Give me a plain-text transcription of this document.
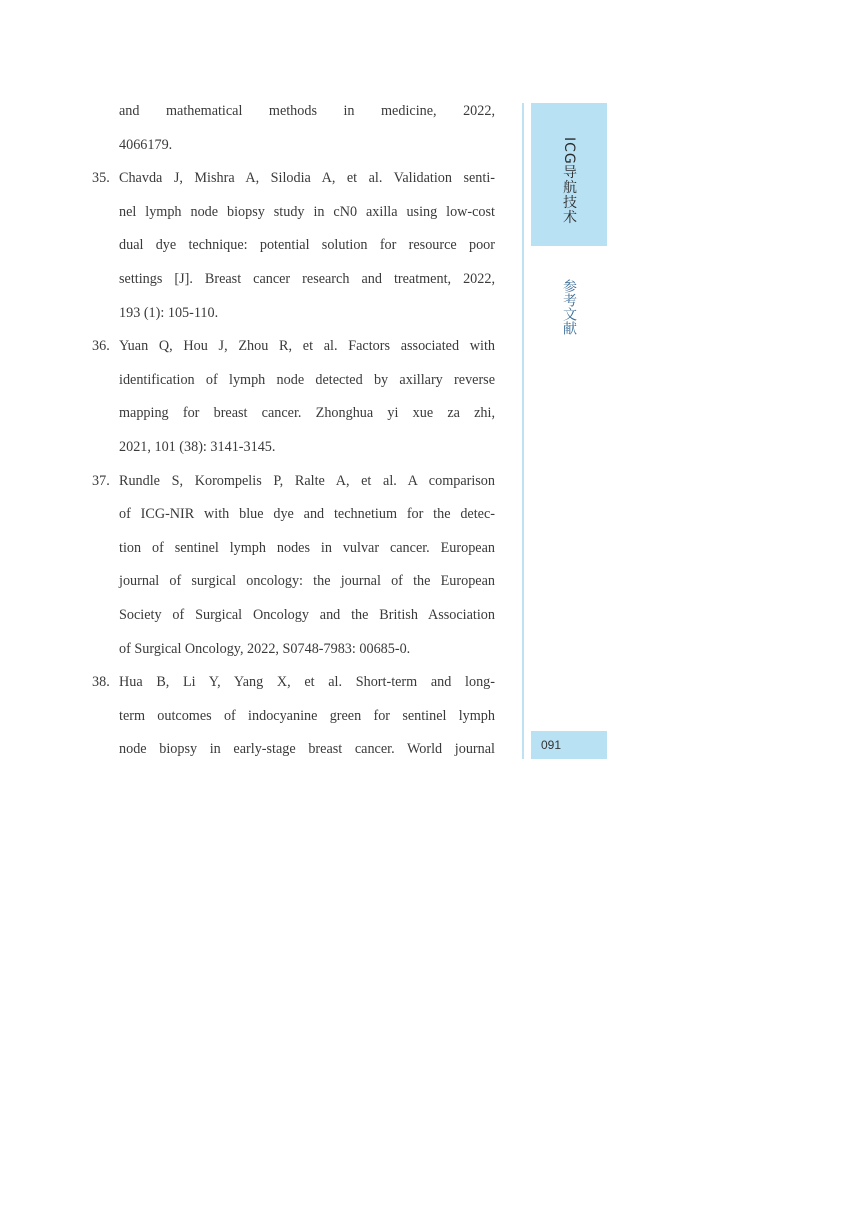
and mathematical methods in medicine, 2022,
4066179.
35. Chavda J, Mishra A, Silodia A, et al. Validation senti-
nel lymph node biopsy study in cN0 axilla using low-cost
dual dye technique: potential solution for resource poor
settings [J]. Breast cancer research and treatment, 2022,
193 (1): 105-110.
36. Yuan Q, Hou J, Zhou R, et al. Factors associated with
identification of lymph node detected by axillary reverse
mapping for breast cancer. Zhonghua yi xue za zhi,
2021, 101 (38): 3141-3145.
37. Rundle S, Korompelis P, Ralte A, et al. A comparison
of ICG-NIR with blue dye and technetium for the detec-
tion of sentinel lymph nodes in vulvar cancer. European
journal of surgical oncology: the journal of the European
Society of Surgical Oncology and the British Association
of Surgical Oncology, 2022, S0748-7983: 00685-0.
38. Hua B, Li Y, Yang X, et al. Short-term and long-
term outcomes of indocyanine green for sentinel lymph
node biopsy in early-stage breast cancer. World journal
ICG导航技术
参考文献
091
